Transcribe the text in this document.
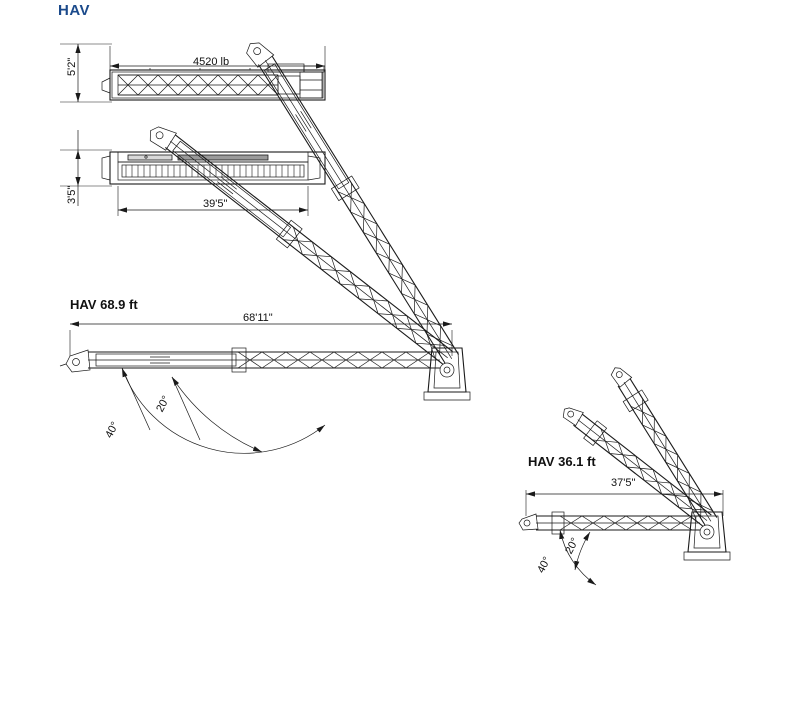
HAV
4520 lb
5'2"
3'5"	39'5"
HAV 68.9 ft
68'11"
40°
20°
HAV 36.1 ft
37'5"
40°
20°
